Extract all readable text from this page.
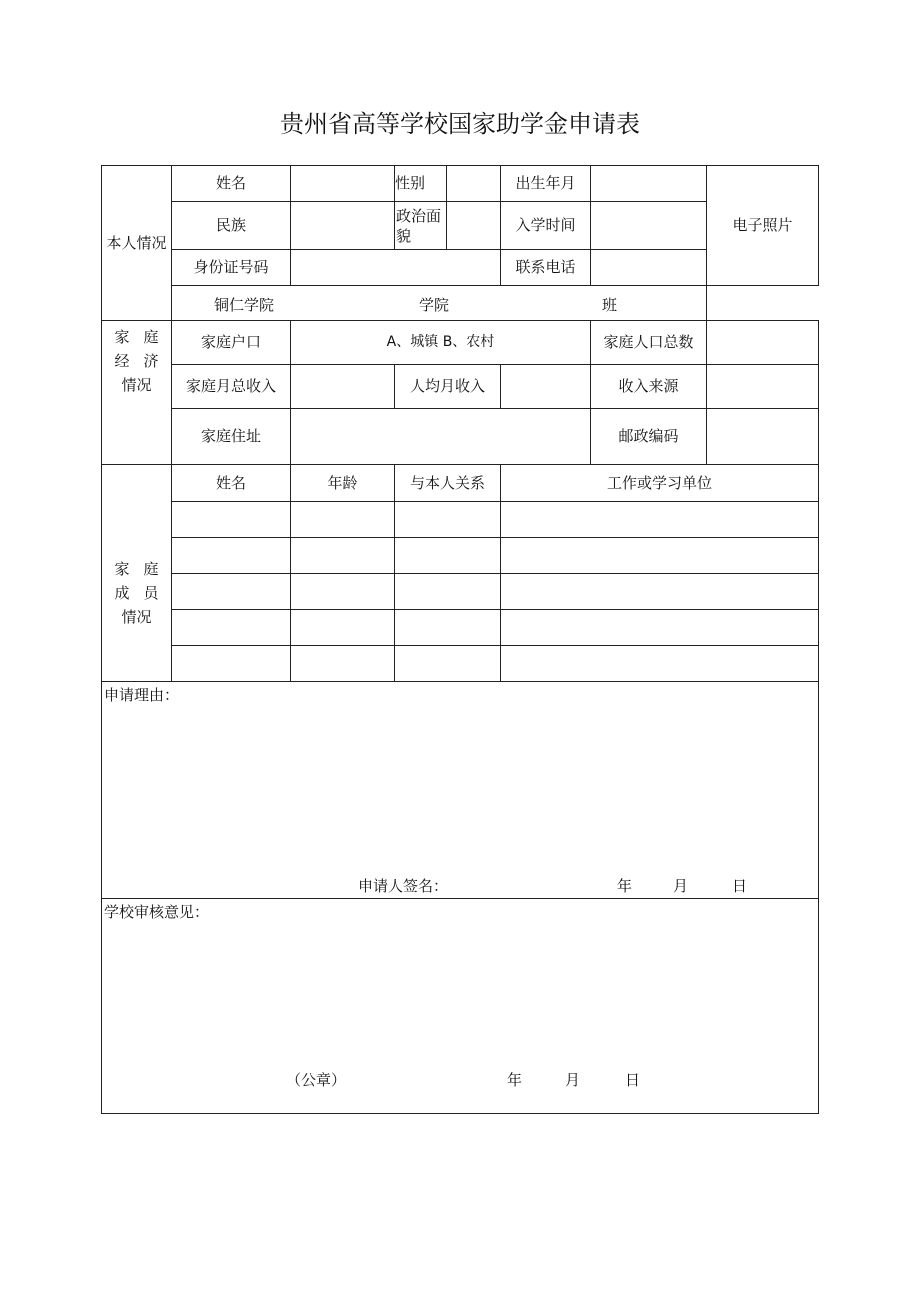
贵州省高等学校国家助学金申请表
本人情况	姓名		性别		出生年月		电子照片
	民族		政治面貌		入学时间		
	身份证号码				联系电话		

	铜仁学院 学院 班						

家庭
经济
情况	家庭户口	A、城镇 B、农村				家庭人口总数	
	家庭月总收入		人均月收入			收入来源	
	家庭住址					邮政编码	

家庭
成员
情况	姓名	年龄	与本人关系		工作或学习单位		

申请理由：
申请人签名： 年 月 日							

学校审核意见：
（公章） 年 月 日							
